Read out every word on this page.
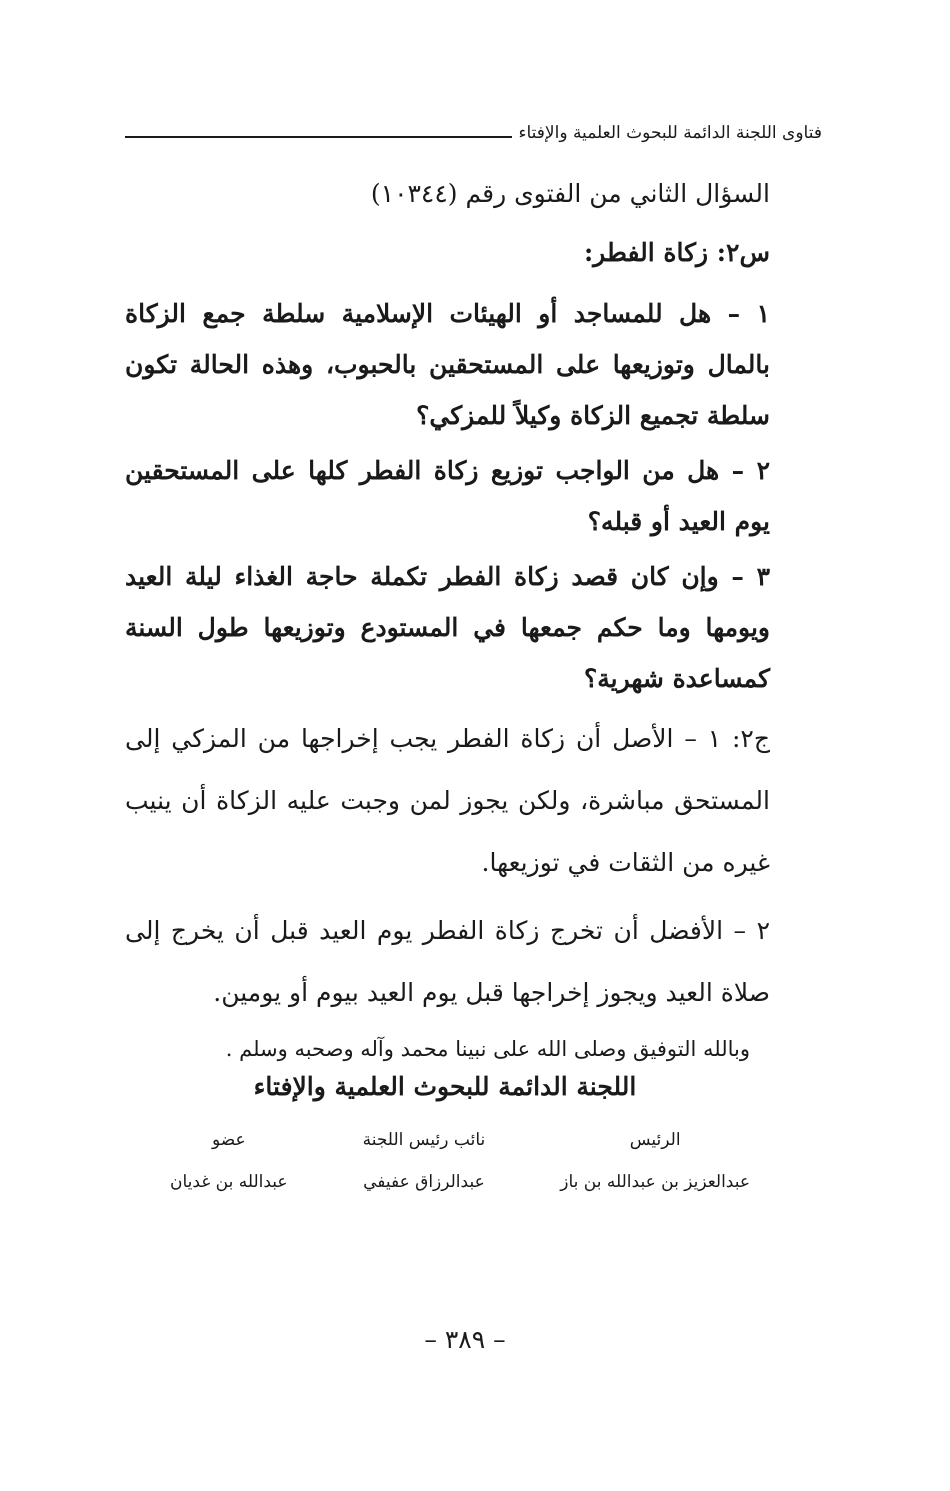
فتاوى اللجنة الدائمة للبحوث العلمية والإفتاء

السؤال الثاني من الفتوى رقم (١٠٣٤٤)

س٢: زكاة الفطر:

١ – هل للمساجد أو الهيئات الإسلامية سلطة جمع الزكاة بالمال وتوزيعها على المستحقين بالحبوب، وهذه الحالة تكون سلطة تجميع الزكاة وكيلاً للمزكي؟

٢ – هل من الواجب توزيع زكاة الفطر كلها على المستحقين يوم العيد أو قبله؟

٣ – وإن كان قصد زكاة الفطر تكملة حاجة الغذاء ليلة العيد ويومها وما حكم جمعها في المستودع وتوزيعها طول السنة كمساعدة شهرية؟

ج٢: ١ – الأصل أن زكاة الفطر يجب إخراجها من المزكي إلى المستحق مباشرة، ولكن يجوز لمن وجبت عليه الزكاة أن ينيب غيره من الثقات في توزيعها.

٢ – الأفضل أن تخرج زكاة الفطر يوم العيد قبل أن يخرج إلى صلاة العيد ويجوز إخراجها قبل يوم العيد بيوم أو يومين.

وبالله التوفيق وصلى الله على نبينا محمد وآله وصحبه وسلم .

اللجنة الدائمة للبحوث العلمية والإفتاء
الرئيس
عبدالعزيز بن عبدالله بن باز
نائب رئيس اللجنة
عبدالرزاق عفيفي
عضو
عبدالله بن غديان
– ٣٨٩ –
